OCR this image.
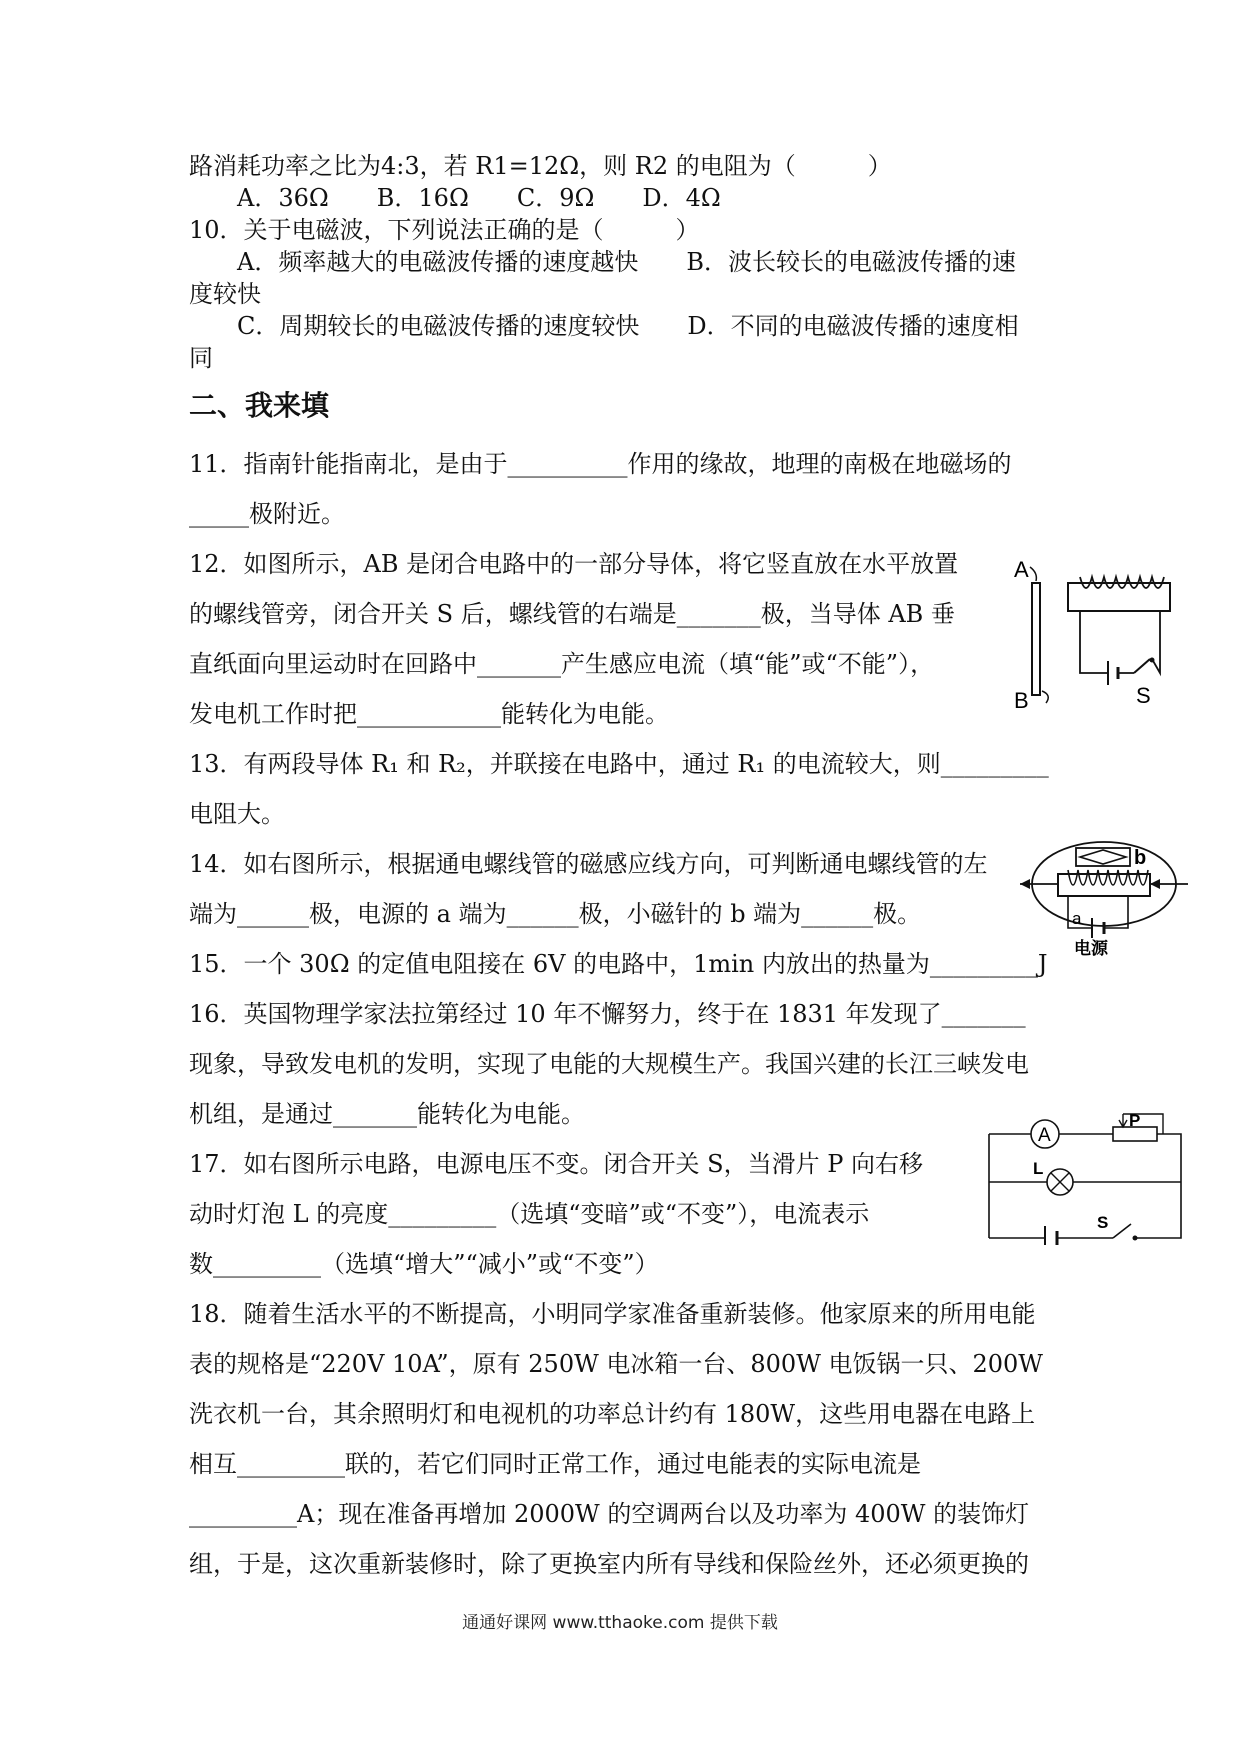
路消耗功率之比为4:3，若 R1=12Ω，则 R2 的电阻为（　　　）
　　A．36Ω　　B．16Ω　　C．9Ω　　D．4Ω
10．关于电磁波，下列说法正确的是（　　　）
　　A．频率越大的电磁波传播的速度越快　　B．波长较长的电磁波传播的速
度较快
　　C．周期较长的电磁波传播的速度较快　　D．不同的电磁波传播的速度相
同
二、我来填
11．指南针能指南北，是由于__________作用的缘故，地理的南极在地磁场的
_____极附近。
12．如图所示，AB 是闭合电路中的一部分导体，将它竖直放在水平放置
的螺线管旁，闭合开关 S 后，螺线管的右端是_______极，当导体 AB 垂
直纸面向里运动时在回路中_______产生感应电流（填“能”或“不能”），
发电机工作时把____________能转化为电能。
A
B	S
13．有两段导体 R₁ 和 R₂，并联接在电路中，通过 R₁ 的电流较大，则_________
电阻大。
14．如右图所示，根据通电螺线管的磁感应线方向，可判断通电螺线管的左
端为______极，电源的 a 端为______极，小磁针的 b 端为______极。
b
a
电源
15．一个 30Ω 的定值电阻接在 6V 的电路中，1min 内放出的热量为_________J
16．英国物理学家法拉第经过 10 年不懈努力，终于在 1831 年发现了_______
现象，导致发电机的发明，实现了电能的大规模生产。我国兴建的长江三峡发电
机组，是通过_______能转化为电能。
17．如右图所示电路，电源电压不变。闭合开关 S，当滑片 P 向右移
动时灯泡 L 的亮度_________（选填“变暗”或“不变”），电流表示
数_________（选填“增大”“减小”或“不变”）
A
P
L
S
18．随着生活水平的不断提高，小明同学家准备重新装修。他家原来的所用电能
表的规格是“220V 10A”，原有 250W 电冰箱一台、800W 电饭锅一只、200W
洗衣机一台，其余照明灯和电视机的功率总计约有 180W，这些用电器在电路上
相互_________联的，若它们同时正常工作，通过电能表的实际电流是
_________A；现在准备再增加 2000W 的空调两台以及功率为 400W 的装饰灯
组，于是，这次重新装修时，除了更换室内所有导线和保险丝外，还必须更换的
通通好课网 www.tthaoke.com 提供下载
